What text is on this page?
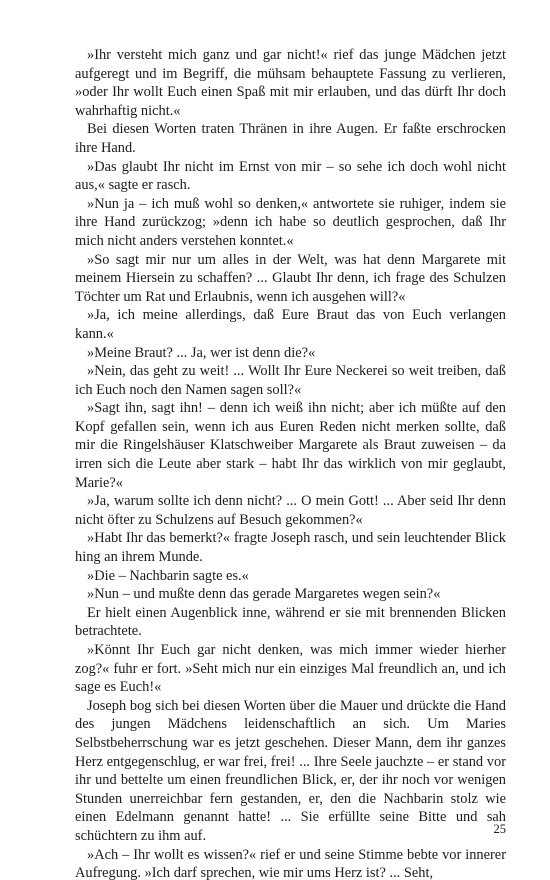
»Ihr versteht mich ganz und gar nicht!« rief das junge Mädchen jetzt aufgeregt und im Begriff, die mühsam behauptete Fassung zu verlieren, »oder Ihr wollt Euch einen Spaß mit mir erlauben, und das dürft Ihr doch wahrhaftig nicht.«

Bei diesen Worten traten Thränen in ihre Augen. Er faßte erschrocken ihre Hand.

»Das glaubt Ihr nicht im Ernst von mir – so sehe ich doch wohl nicht aus,« sagte er rasch.

»Nun ja – ich muß wohl so denken,« antwortete sie ruhiger, indem sie ihre Hand zurückzog; »denn ich habe so deutlich gesprochen, daß Ihr mich nicht anders verstehen konntet.«

»So sagt mir nur um alles in der Welt, was hat denn Margarete mit meinem Hiersein zu schaffen? ... Glaubt Ihr denn, ich frage des Schulzen Töchter um Rat und Erlaubnis, wenn ich ausgehen will?«

»Ja, ich meine allerdings, daß Eure Braut das von Euch verlangen kann.«

»Meine Braut? ... Ja, wer ist denn die?«

»Nein, das geht zu weit! ... Wollt Ihr Eure Neckerei so weit treiben, daß ich Euch noch den Namen sagen soll?«

»Sagt ihn, sagt ihn! – denn ich weiß ihn nicht; aber ich müßte auf den Kopf gefallen sein, wenn ich aus Euren Reden nicht merken sollte, daß mir die Ringelshäuser Klatschweiber Margarete als Braut zuweisen – da irren sich die Leute aber stark – habt Ihr das wirklich von mir geglaubt, Marie?«

»Ja, warum sollte ich denn nicht? ... O mein Gott! ... Aber seid Ihr denn nicht öfter zu Schulzens auf Besuch gekommen?«

»Habt Ihr das bemerkt?« fragte Joseph rasch, und sein leuchtender Blick hing an ihrem Munde.

»Die – Nachbarin sagte es.«

»Nun – und mußte denn das gerade Margaretes wegen sein?«

Er hielt einen Augenblick inne, während er sie mit brennenden Blicken betrachtete.

»Könnt Ihr Euch gar nicht denken, was mich immer wieder hierher zog?« fuhr er fort. »Seht mich nur ein einziges Mal freundlich an, und ich sage es Euch!«

Joseph bog sich bei diesen Worten über die Mauer und drückte die Hand des jungen Mädchens leidenschaftlich an sich. Um Maries Selbstbeherrschung war es jetzt geschehen. Dieser Mann, dem ihr ganzes Herz entgegenschlug, er war frei, frei! ... Ihre Seele jauchzte – er stand vor ihr und bettelte um einen freundlichen Blick, er, der ihr noch vor wenigen Stunden unerreichbar fern gestanden, er, den die Nachbarin stolz wie einen Edelmann genannt hatte! ... Sie erfüllte seine Bitte und sah schüchtern zu ihm auf.

»Ach – Ihr wollt es wissen?« rief er und seine Stimme bebte vor innerer Aufregung. »Ich darf sprechen, wie mir ums Herz ist? ... Seht,

25
